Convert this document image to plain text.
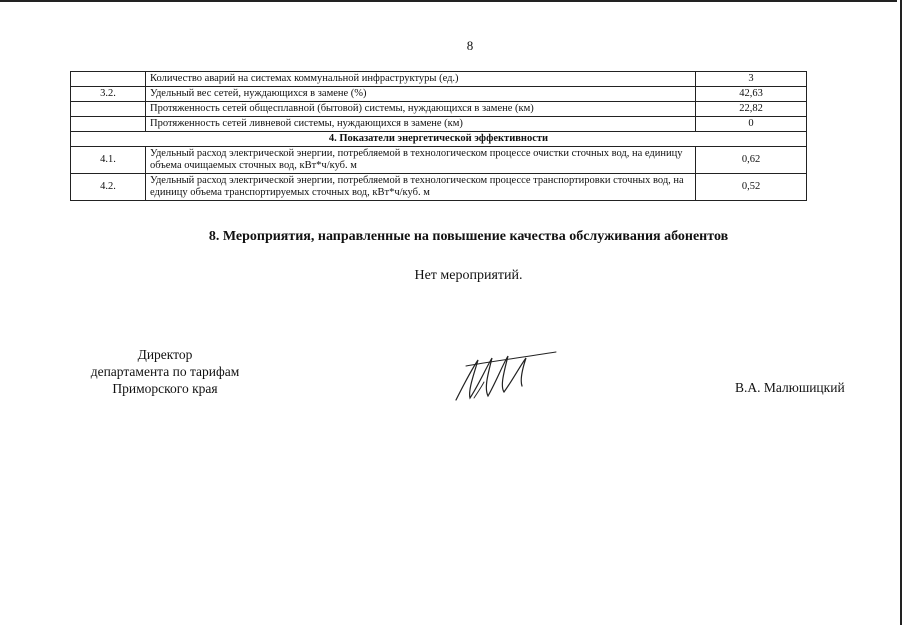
8
	Количество аварий на системах коммунальной инфраструктуры (ед.)	3
3.2.	Удельный вес сетей, нуждающихся в замене (%)	42,63
	Протяженность сетей общесплавной (бытовой) системы, нуждающихся в замене (км)	22,82
	Протяженность сетей ливневой системы, нуждающихся в замене (км)	0
4. Показатели энергетической эффективности		
4.1.	Удельный расход электрической энергии, потребляемой в технологическом процессе очистки сточных вод, на единицу объема очищаемых сточных вод, кВт*ч/куб. м	0,62
4.2.	Удельный расход электрической энергии, потребляемой в технологическом процессе транспортировки сточных вод, на единицу объема транспортируемых сточных вод, кВт*ч/куб. м	0,52
8. Мероприятия, направленные на повышение качества обслуживания абонентов
Нет мероприятий.
Директор
департамента по тарифам
Приморского края	В.А. Малюшицкий
